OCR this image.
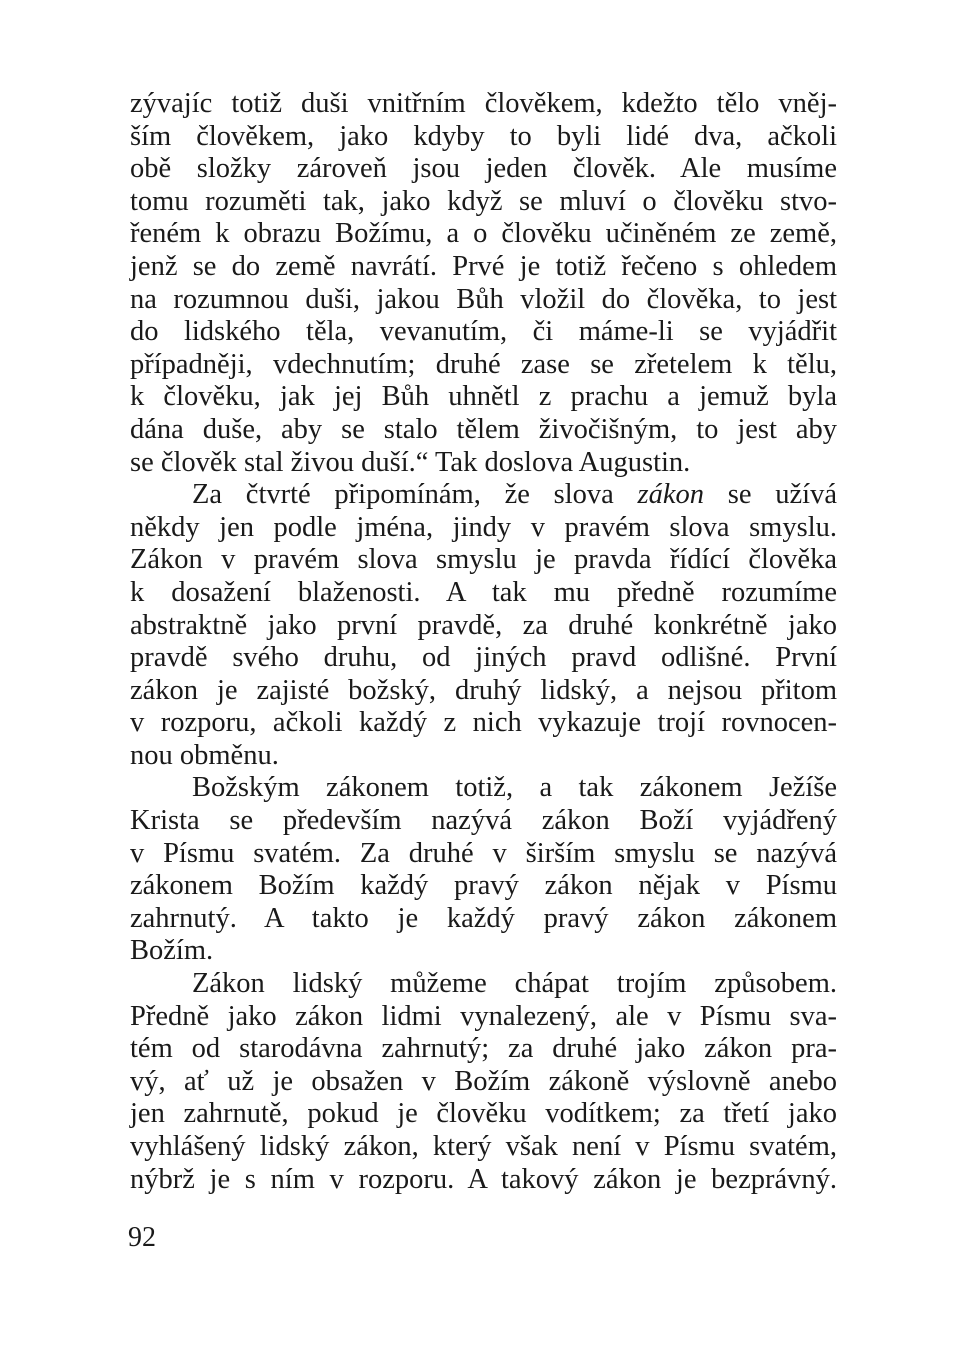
zývajíc totiž duši vnitřním člověkem, kdežto tělo vněj-
ším člověkem, jako kdyby to byli lidé dva, ačkoli
obě složky zároveň jsou jeden člověk. Ale musíme
tomu rozuměti tak, jako když se mluví o člověku stvo-
řeném k obrazu Božímu, a o člověku učiněném ze země,
jenž se do země navrátí. Prvé je totiž řečeno s ohledem
na rozumnou duši, jakou Bůh vložil do člověka, to jest
do lidského těla, vevanutím, či máme-li se vyjádřit
případněji, vdechnutím; druhé zase se zřetelem k tělu,
k člověku, jak jej Bůh uhnětl z prachu a jemuž byla
dána duše, aby se stalo tělem živočišným, to jest aby
se člověk stal živou duší.“ Tak doslova Augustin.
Za čtvrté připomínám, že slova zákon se užívá
někdy jen podle jména, jindy v pravém slova smyslu.
Zákon v pravém slova smyslu je pravda řídící člověka
k dosažení blaženosti. A tak mu předně rozumíme
abstraktně jako první pravdě, za druhé konkrétně jako
pravdě svého druhu, od jiných pravd odlišné. První
zákon je zajisté božský, druhý lidský, a nejsou přitom
v rozporu, ačkoli každý z nich vykazuje trojí rovnocen-
nou obměnu.
Božským zákonem totiž, a tak zákonem Ježíše
Krista se především nazývá zákon Boží vyjádřený
v Písmu svatém. Za druhé v širším smyslu se nazývá
zákonem Božím každý pravý zákon nějak v Písmu
zahrnutý. A takto je každý pravý zákon zákonem
Božím.
Zákon lidský můžeme chápat trojím způsobem.
Předně jako zákon lidmi vynalezený, ale v Písmu sva-
tém od starodávna zahrnutý; za druhé jako zákon pra-
vý, ať už je obsažen v Božím zákoně výslovně anebo
jen zahrnutě, pokud je člověku vodítkem; za třetí jako
vyhlášený lidský zákon, který však není v Písmu svatém,
nýbrž je s ním v rozporu. A takový zákon je bezprávný.
92
